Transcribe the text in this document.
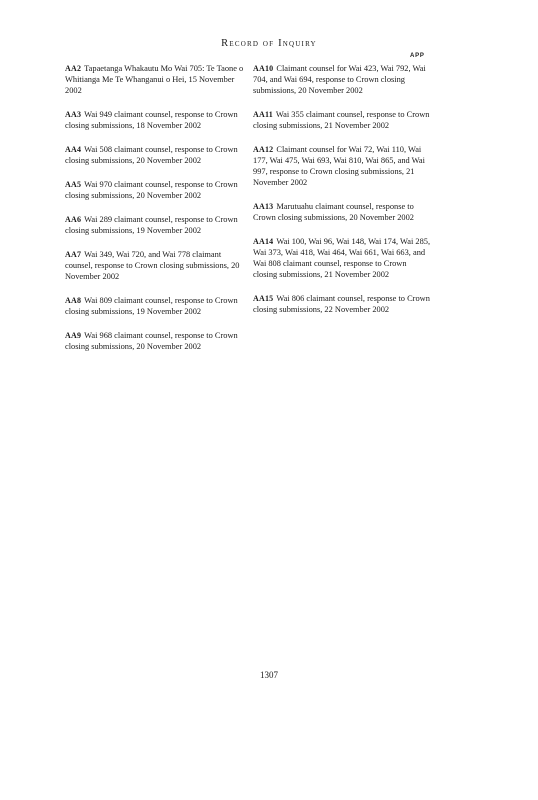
Record of Inquiry
APP

AA2 Tapaetanga Whakautu Mo Wai 705: Te Taone o Whitianga Me Te Whanganui o Hei, 15 November 2002

AA3 Wai 949 claimant counsel, response to Crown closing submissions, 18 November 2002

AA4 Wai 508 claimant counsel, response to Crown closing submissions, 20 November 2002

AA5 Wai 970 claimant counsel, response to Crown closing submissions, 20 November 2002

AA6 Wai 289 claimant counsel, response to Crown closing submissions, 19 November 2002

AA7 Wai 349, Wai 720, and Wai 778 claimant counsel, response to Crown closing submissions, 20 November 2002

AA8 Wai 809 claimant counsel, response to Crown closing submissions, 19 November 2002

AA9 Wai 968 claimant counsel, response to Crown closing submissions, 20 November 2002

AA10 Claimant counsel for Wai 423, Wai 792, Wai 704, and Wai 694, response to Crown closing submissions, 20 November 2002

AA11 Wai 355 claimant counsel, response to Crown closing submissions, 21 November 2002

AA12 Claimant counsel for Wai 72, Wai 110, Wai 177, Wai 475, Wai 693, Wai 810, Wai 865, and Wai 997, response to Crown closing submissions, 21 November 2002

AA13 Marutuahu claimant counsel, response to Crown closing submissions, 20 November 2002

AA14 Wai 100, Wai 96, Wai 148, Wai 174, Wai 285, Wai 373, Wai 418, Wai 464, Wai 661, Wai 663, and Wai 808 claimant counsel, response to Crown closing submissions, 21 November 2002

AA15 Wai 806 claimant counsel, response to Crown closing submissions, 22 November 2002

1307
